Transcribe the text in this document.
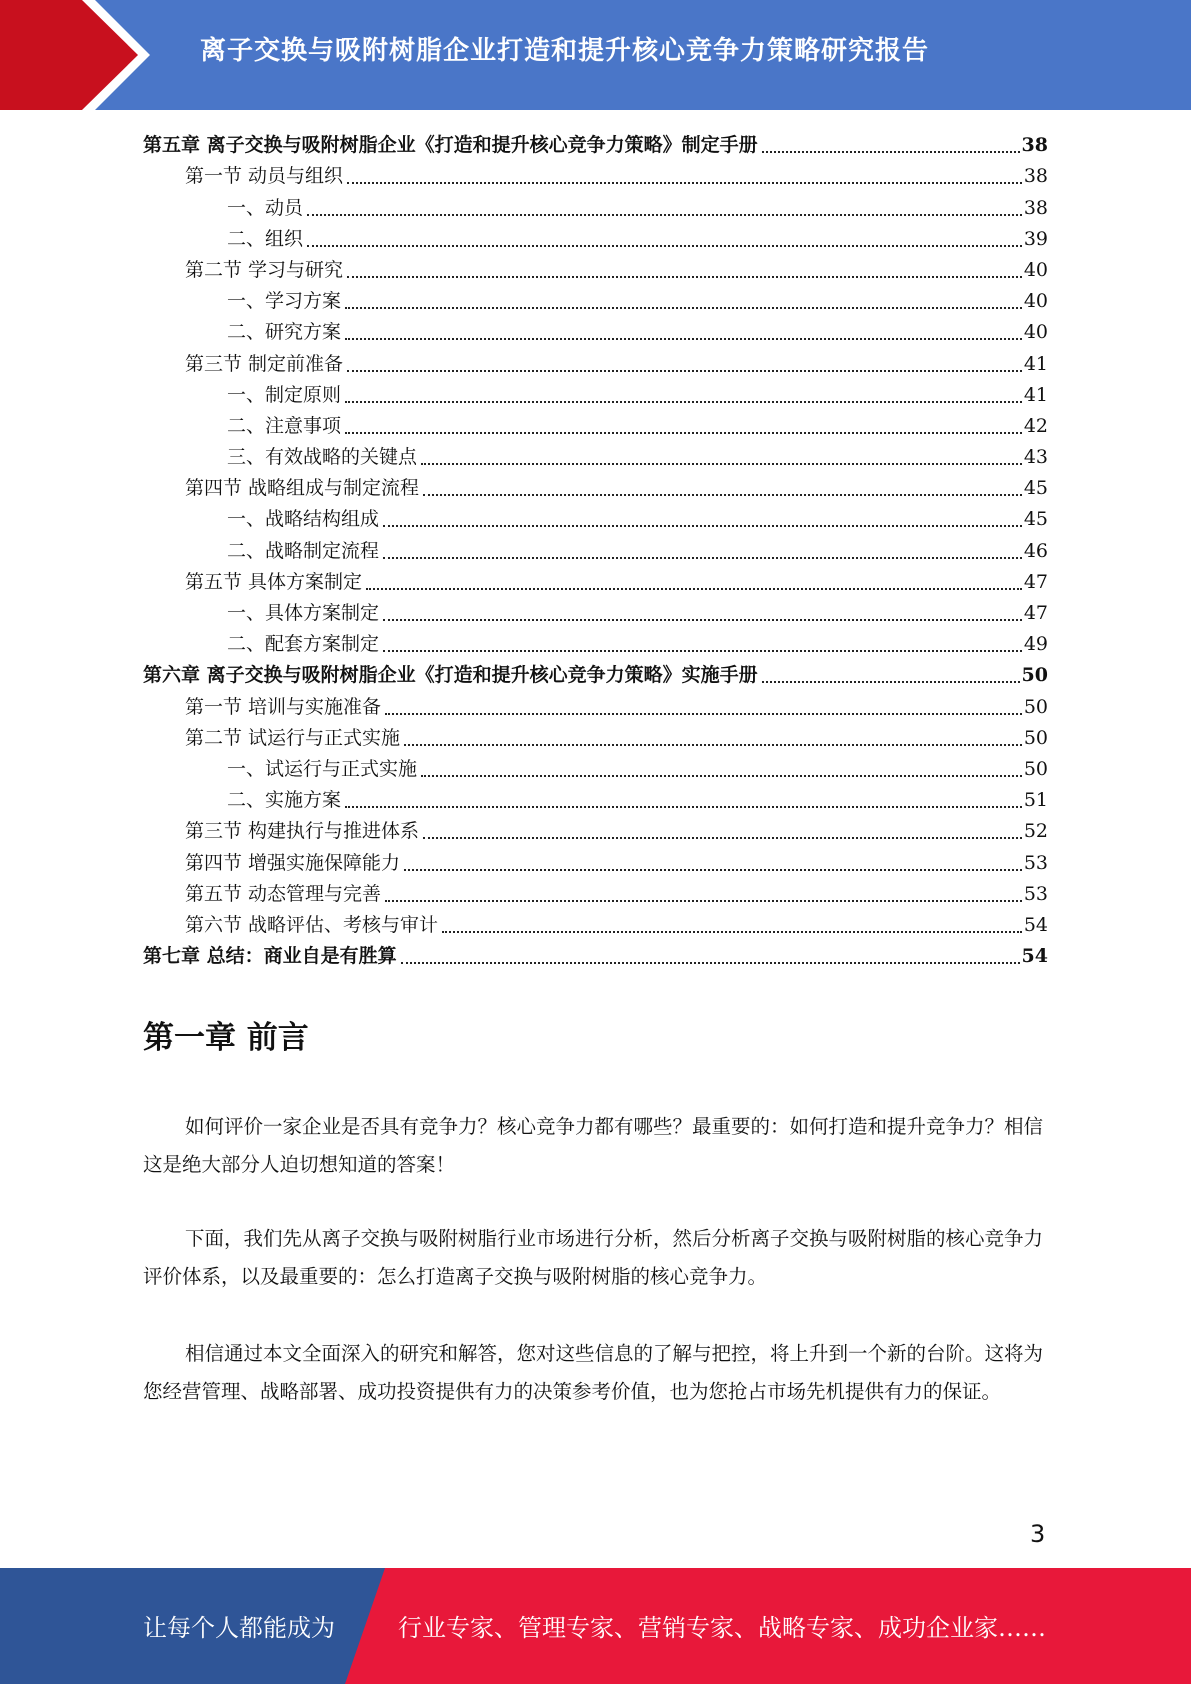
离子交换与吸附树脂企业打造和提升核心竞争力策略研究报告
第五章 离子交换与吸附树脂企业《打造和提升核心竞争力策略》制定手册	38
第一节 动员与组织	38
一、动员	38
二、组织	39
第二节 学习与研究	40
一、学习方案	40
二、研究方案	40
第三节 制定前准备	41
一、制定原则	41
二、注意事项	42
三、有效战略的关键点	43
第四节 战略组成与制定流程	45
一、战略结构组成	45
二、战略制定流程	46
第五节 具体方案制定	47
一、具体方案制定	47
二、配套方案制定	49
第六章 离子交换与吸附树脂企业《打造和提升核心竞争力策略》实施手册	50
第一节 培训与实施准备	50
第二节 试运行与正式实施	50
一、试运行与正式实施	50
二、实施方案	51
第三节 构建执行与推进体系	52
第四节 增强实施保障能力	53
第五节 动态管理与完善	53
第六节 战略评估、考核与审计	54
第七章 总结：商业自是有胜算	54
第一章 前言

如何评价一家企业是否具有竞争力？核心竞争力都有哪些？最重要的：如何打造和提升竞争力？相信这是绝大部分人迫切想知道的答案！

下面，我们先从离子交换与吸附树脂行业市场进行分析，然后分析离子交换与吸附树脂的核心竞争力评价体系，以及最重要的：怎么打造离子交换与吸附树脂的核心竞争力。

相信通过本文全面深入的研究和解答，您对这些信息的了解与把控，将上升到一个新的台阶。这将为您经营管理、战略部署、成功投资提供有力的决策参考价值，也为您抢占市场先机提供有力的保证。

3
让每个人都能成为	行业专家、管理专家、营销专家、战略专家、成功企业家……
